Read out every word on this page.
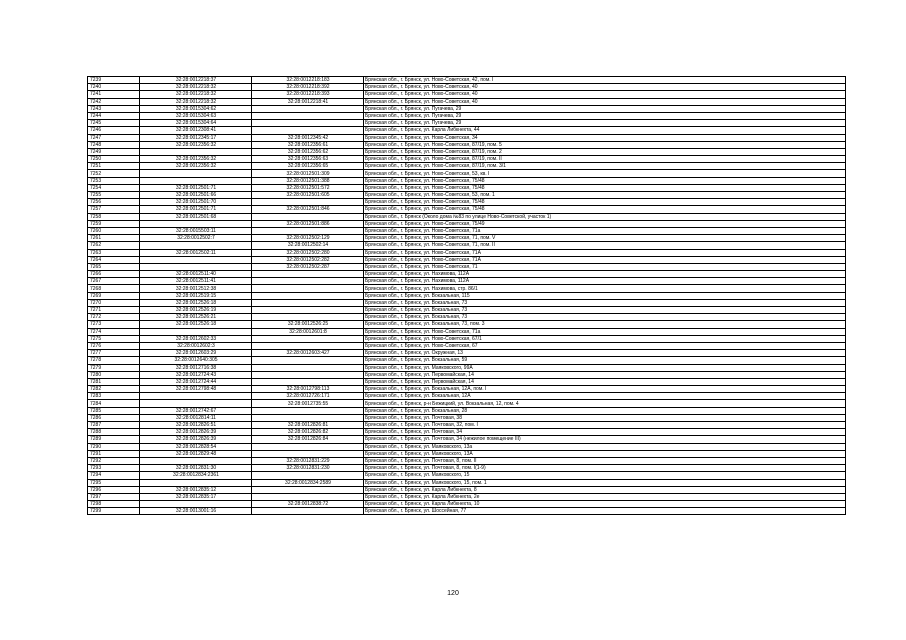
7239	32:28:0012218:37	32:28:0012218:183	Брянская обл., г. Брянск, ул. Ново-Советская, 42, пом. I
7240	32:28:0012218:32	32:28:0012218:392	Брянская обл., г. Брянск, ул. Ново-Советская, 40
7241	32:28:0012218:32	32:28:0012218:393	Брянская обл., г. Брянск, ул. Ново-Советская, 40
7242	32:28:0012218:32	32:28:0012218:41	Брянская обл., г. Брянск, ул. Ново-Советская, 40
7243	32:28:0015304:62		Брянская обл., г. Брянск, ул. Пугачева, 29
7244	32:28:0015304:63		Брянская обл., г. Брянск, ул. Пугачева, 29
7245	32:28:0015304:64		Брянская обл., г. Брянск, ул. Пугачева, 29
7246	32:28:0012308:41		Брянская обл., г. Брянск, ул. Карла Либкнехта, 44
7247	32:28:0012345:17	32:28:0012345:42	Брянская обл., г. Брянск, ул. Ново-Советская, 34
7248	32:28:0012356:32	32:28:0012356:61	Брянская обл., г. Брянск, ул. Ново-Советская, 87/19, пом. 5
7249		32:28:0012356:62	Брянская обл., г. Брянск, ул. Ново-Советская, 87/19, пом. 2
7250	32:28:0012356:32	32:28:0012356:63	Брянская обл., г. Брянск, ул. Ново-Советская, 87/19, пом. II
7251	32:28:0012356:32	32:28:0012356:65	Брянская обл., г. Брянск, ул. Ново-Советская, 87/19, пом. 3/1
7252		32:28:0012501:309	Брянская обл., г. Брянск, ул. Ново-Советская, 53, кв. I
7253		32:28:0012501:388	Брянская обл., г. Брянск, ул. Ново-Советская, 75/48
7254	32:28:0012501:71	32:28:0012501:572	Брянская обл., г. Брянск, ул. Ново-Советская, 75/48
7255	32:28:0012501:66	32:28:0012501:605	Брянская обл., г. Брянск, ул. Ново-Советская, 53, пом. 1
7256	32:28:0012501:70		Брянская обл., г. Брянск, ул. Ново-Советская, 75/48
7257	32:28:0012501:71	32:28:0012501:846	Брянская обл., г. Брянск, ул. Ново-Советская, 75/48
7258	32:28:0012501:68		Брянская обл., г. Брянск (Около дома №83 по улице Ново-Советской, участок 1)
7259		32:28:0012501:886	Брянская обл., г. Брянск, ул. Ново-Советская, 75/49
7260	32:28:0015503:11		Брянская обл., г. Брянск, ул. Ново-Советская, 71а
7261	32:28:0012502:7	32:28:0012502:129	Брянская обл., г. Брянск, ул. Ново-Советская, 71, пом. V
7262		32:28:0012502:14	Брянская обл., г. Брянск, ул. Ново-Советская, 71, пом. II
7263	32:28:0012502:11	32:28:0012502:280	Брянская обл., г. Брянск, ул. Ново-Советская, 71А
7264		32:28:0012502:282	Брянская обл., г. Брянск, ул. Ново-Советская, 71А
7265		32:28:0012502:287	Брянская обл., г. Брянск, ул. Ново-Советская, 71
7266	32:28:0012511:40		Брянская обл., г. Брянск, ул. Нахимова, 112А
7267	32:28:0012511:41		Брянская обл., г. Брянск, ул. Нахимова, 112А
7268	32:28:0012512:38		Брянская обл., г. Брянск, ул. Нахимова, стр. 86/1
7269	32:28:0012519:15		Брянская обл., г. Брянск, ул. Вокзальная, 115
7270	32:28:0012526:18		Брянская обл., г. Брянск, ул. Вокзальная, 73
7271	32:28:0012526:19		Брянская обл., г. Брянск, ул. Вокзальная, 73
7272	32:28:0012526:21		Брянская обл., г. Брянск, ул. Вокзальная, 73
7273	32:28:0012526:18	32:28:0012526:25	Брянская обл., г. Брянск, ул. Вокзальная, 73, пом. 3
7274		32:28:0012601:8	Брянская обл., г. Брянск, ул. Ново-Советская, 71а
7275	32:28:0012602:33		Брянская обл., г. Брянск, ул. Ново-Советская, 67/1
7276	32:28:0012602:3		Брянская обл., г. Брянск, ул. Ново-Советская, 67
7277	32:28:0012603:29	32:28:0012603:427	Брянская обл., г. Брянск, ул. Окружная, 13
7278	32:28:0012640:305		Брянская обл., г. Брянск, ул. Вокзальная, 59
7279	32:28:0012716:38		Брянская обл., г. Брянск, ул. Маяковского, 99А
7280	32:28:0012724:43		Брянская обл., г. Брянск, ул. Первомайская, 14
7281	32:28:0012724:44		Брянская обл., г. Брянск, ул. Первомайская, 14
7282	32:28:0012798:48	32:28:0012798:113	Брянская обл., г. Брянск, ул. Вокзальная, 12А, пом. I
7283		32:28:0012726:171	Брянская обл., г. Брянск, ул. Вокзальная, 12А
7284		32:28:0012735:55	Брянская обл., г. Брянск, р-н Бежицкий, ул. Вокзальная, 12, пом. 4
7285	32:28:0012742:67		Брянская обл., г. Брянск, ул. Вокзальная, 28
7286	32:28:0012814:11		Брянская обл., г. Брянск, ул. Почтовая, 38
7287	32:28:0012826:51	32:28:0012826:81	Брянская обл., г. Брянск, ул. Почтовая, 32, пом. I
7288	32:28:0012826:39	32:28:0012826:82	Брянская обл., г. Брянск, ул. Почтовая, 34
7289	32:28:0012826:39	32:28:0012826:84	Брянская обл., г. Брянск, ул. Почтовая, 34 (нежилое помещение III)
7290	32:28:0012828:54		Брянская обл., г. Брянск, ул. Маяковского, 13а
7291	32:28:0012829:48		Брянская обл., г. Брянск, ул. Маяковского, 13А
7292		32:28:0012831:229	Брянская обл., г. Брянск, ул. Почтовая, 8, пом. II
7293	32:28:0012831:30	32:28:0012831:230	Брянская обл., г. Брянск, ул. Почтовая, 8, пом. I(1-9)
7294	32:28:0012834:2361		Брянская обл., г. Брянск, ул. Маяковского, 15
7295		32:28:0012834:2589	Брянская обл., г. Брянск, ул. Маяковского, 15, пом. 1
7296	32:28:0012835:12		Брянская обл., г. Брянск, ул. Карла Либкнехта, 8
7297	32:28:0012835:17		Брянская обл., г. Брянск, ул. Карла Либкнехта, 2е
7298		32:28:0012838:72	Брянская обл., г. Брянск, ул. Карла Либкнехта, 10
7299	32:28:0013001:16		Брянская обл., г. Брянск, ул. Шоссейная, 77
120
